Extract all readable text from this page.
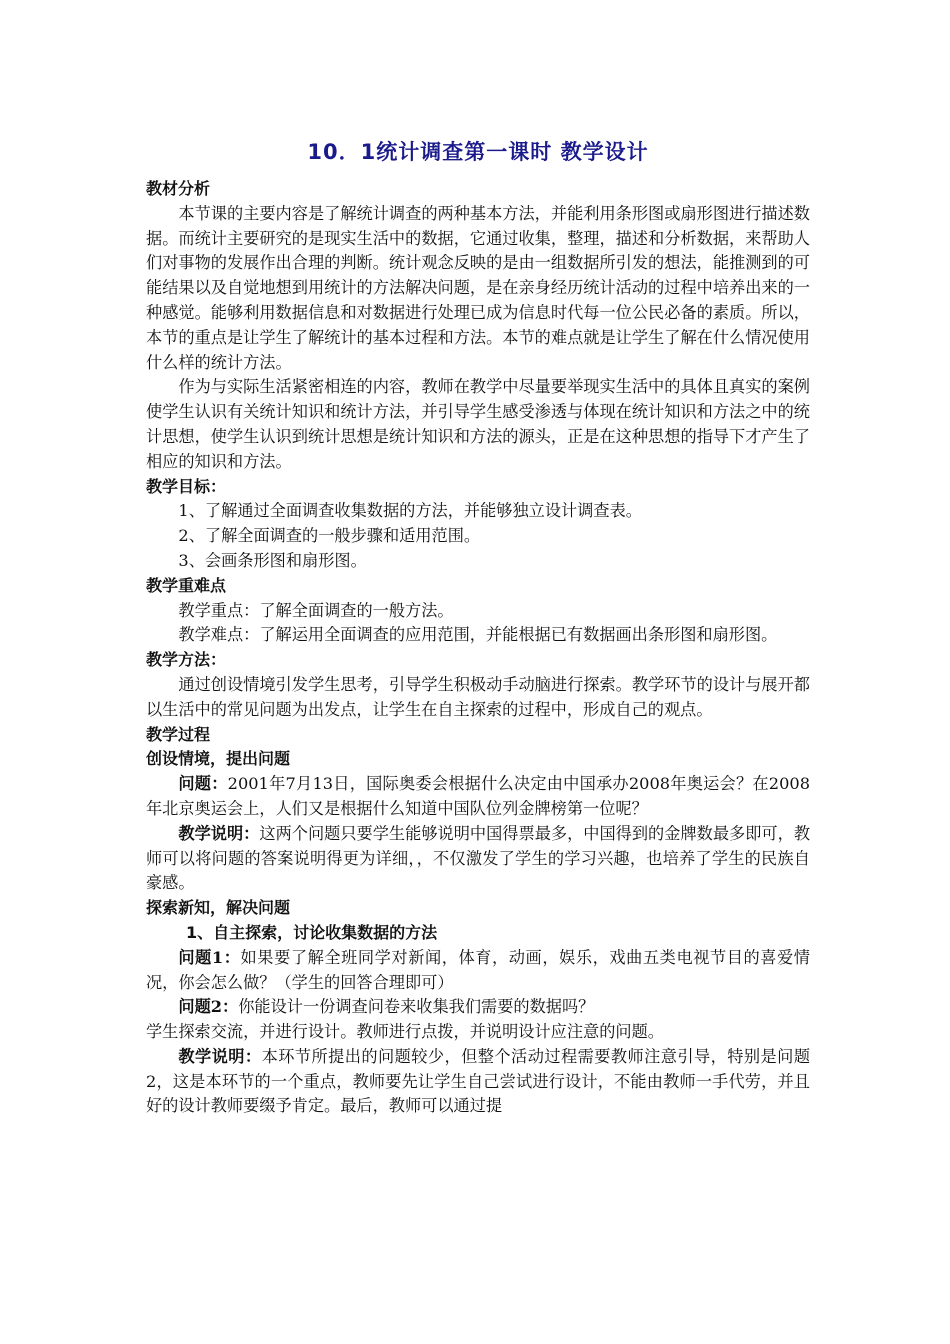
10．1统计调查第一课时 教学设计

教材分析

本节课的主要内容是了解统计调查的两种基本方法，并能利用条形图或扇形图进行描述数据。而统计主要研究的是现实生活中的数据，它通过收集，整理，描述和分析数据，来帮助人们对事物的发展作出合理的判断。统计观念反映的是由一组数据所引发的想法，能推测到的可能结果以及自觉地想到用统计的方法解决问题，是在亲身经历统计活动的过程中培养出来的一种感觉。能够利用数据信息和对数据进行处理已成为信息时代每一位公民必备的素质。所以，本节的重点是让学生了解统计的基本过程和方法。本节的难点就是让学生了解在什么情况使用什么样的统计方法。

作为与实际生活紧密相连的内容，教师在教学中尽量要举现实生活中的具体且真实的案例使学生认识有关统计知识和统计方法，并引导学生感受渗透与体现在统计知识和方法之中的统计思想，使学生认识到统计思想是统计知识和方法的源头，正是在这种思想的指导下才产生了相应的知识和方法。

教学目标：

1、了解通过全面调查收集数据的方法，并能够独立设计调查表。

2、了解全面调查的一般步骤和适用范围。

3、会画条形图和扇形图。

教学重难点

教学重点：了解全面调查的一般方法。

教学难点：了解运用全面调查的应用范围，并能根据已有数据画出条形图和扇形图。

教学方法：

通过创设情境引发学生思考，引导学生积极动手动脑进行探索。教学环节的设计与展开都以生活中的常见问题为出发点，让学生在自主探索的过程中，形成自己的观点。

教学过程

创设情境，提出问题

问题：2001年7月13日，国际奥委会根据什么决定由中国承办2008年奥运会？在2008年北京奥运会上，人们又是根据什么知道中国队位列金牌榜第一位呢？

教学说明：这两个问题只要学生能够说明中国得票最多，中国得到的金牌数最多即可，教师可以将问题的答案说明得更为详细，，不仅激发了学生的学习兴趣，也培养了学生的民族自豪感。

探索新知，解决问题

1、自主探索，讨论收集数据的方法

问题1：如果要了解全班同学对新闻，体育，动画，娱乐，戏曲五类电视节目的喜爱情况，你会怎么做？（学生的回答合理即可）

问题2：你能设计一份调查问卷来收集我们需要的数据吗？

学生探索交流，并进行设计。教师进行点拨，并说明设计应注意的问题。

教学说明：本环节所提出的问题较少，但整个活动过程需要教师注意引导，特别是问题2，这是本环节的一个重点，教师要先让学生自己尝试进行设计，不能由教师一手代劳，并且好的设计教师要缀予肯定。最后，教师可以通过提
